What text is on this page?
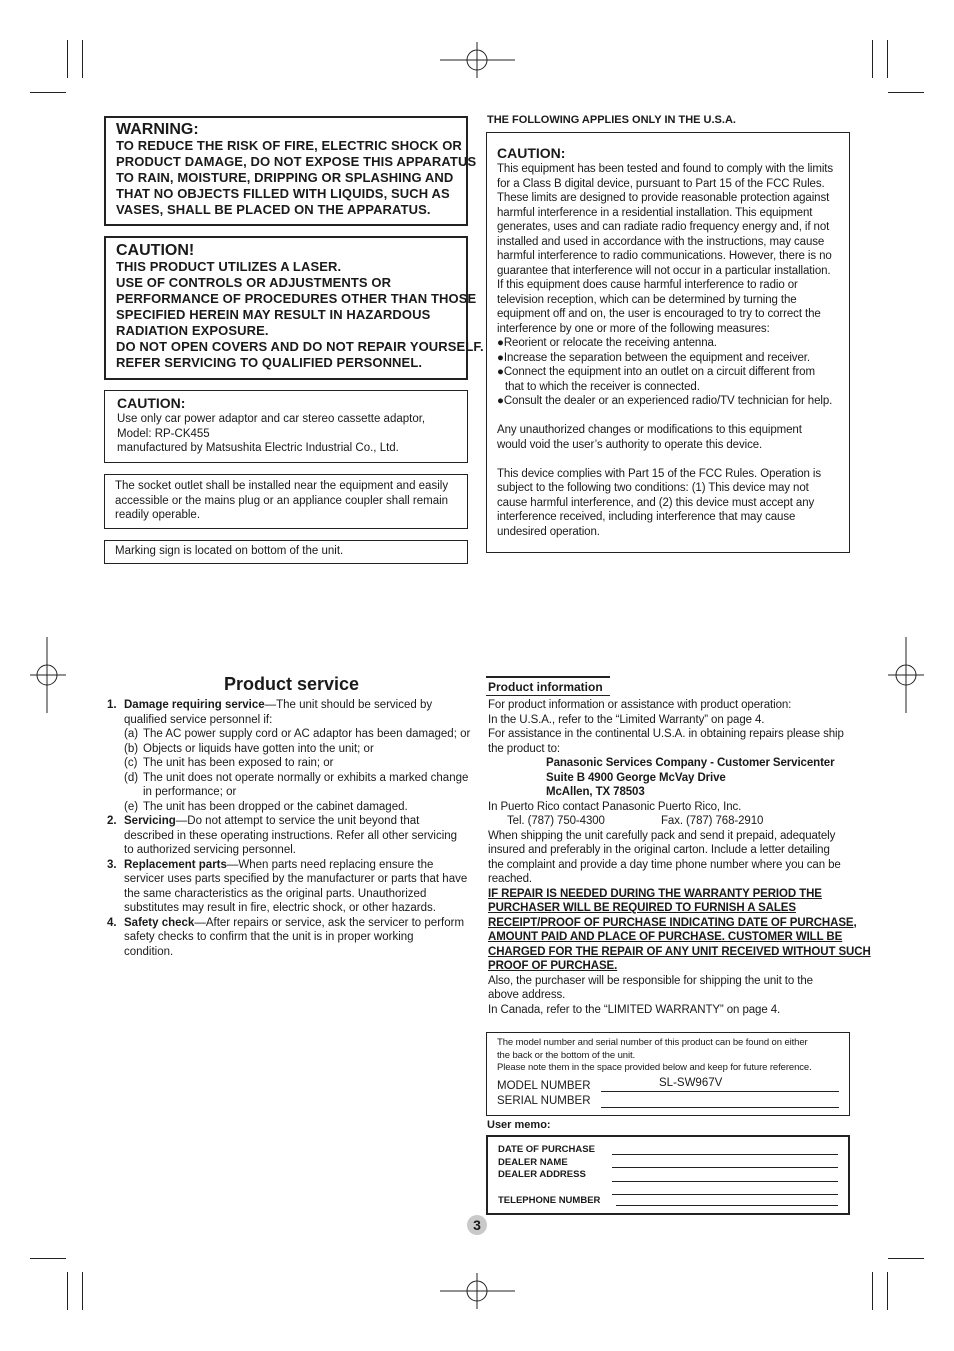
WARNING:
TO REDUCE THE RISK OF FIRE, ELECTRIC SHOCK OR
PRODUCT DAMAGE, DO NOT EXPOSE THIS APPARATUS
TO RAIN, MOISTURE, DRIPPING OR SPLASHING AND
THAT NO OBJECTS FILLED WITH LIQUIDS, SUCH AS
VASES, SHALL BE PLACED ON THE APPARATUS.
CAUTION!
THIS PRODUCT UTILIZES A LASER.
USE OF CONTROLS OR ADJUSTMENTS OR
PERFORMANCE OF PROCEDURES OTHER THAN THOSE
SPECIFIED HEREIN MAY RESULT IN HAZARDOUS
RADIATION EXPOSURE.
DO NOT OPEN COVERS AND DO NOT REPAIR YOURSELF.
REFER SERVICING TO QUALIFIED PERSONNEL.
CAUTION:
Use only car power adaptor and car stereo cassette adaptor,
Model: RP-CK455
manufactured by Matsushita Electric Industrial Co., Ltd.
The socket outlet shall be installed near the equipment and easily
accessible or the mains plug or an appliance coupler shall remain
readily operable.
Marking sign is located on bottom of the unit.
THE FOLLOWING APPLIES ONLY IN THE U.S.A.
CAUTION:
This equipment has been tested and found to comply with the limits
for a Class B digital device, pursuant to Part 15 of the FCC Rules.
These limits are designed to provide reasonable protection against
harmful interference in a residential installation. This equipment
generates, uses and can radiate radio frequency energy and, if not
installed and used in accordance with the instructions, may cause
harmful interference to radio communications. However, there is no
guarantee that interference will not occur in a particular installation.
If this equipment does cause harmful interference to radio or
television reception, which can be determined by turning the
equipment off and on, the user is encouraged to try to correct the
interference by one or more of the following measures:
●Reorient or relocate the receiving antenna.
●Increase the separation between the equipment and receiver.
●Connect the equipment into an outlet on a circuit different from
that to which the receiver is connected.
●Consult the dealer or an experienced radio/TV technician for help.
Any unauthorized changes or modifications to this equipment
would void the user’s authority to operate this device.
This device complies with Part 15 of the FCC Rules. Operation is
subject to the following two conditions: (1) This device may not
cause harmful interference, and (2) this device must accept any
interference received, including interference that may cause
undesired operation.
Product service
1. Damage requiring service—The unit should be serviced by
qualified service personnel if:
(a) The AC power supply cord or AC adaptor has been damaged; or
(b) Objects or liquids have gotten into the unit; or
(c) The unit has been exposed to rain; or
(d) The unit does not operate normally or exhibits a marked change
in performance; or
(e) The unit has been dropped or the cabinet damaged.
2. Servicing—Do not attempt to service the unit beyond that
described in these operating instructions. Refer all other servicing
to authorized servicing personnel.
3. Replacement parts—When parts need replacing ensure the
servicer uses parts specified by the manufacturer or parts that have
the same characteristics as the original parts. Unauthorized
substitutes may result in fire, electric shock, or other hazards.
4. Safety check—After repairs or service, ask the servicer to perform
safety checks to confirm that the unit is in proper working
condition.
Product information
For product information or assistance with product operation:
In the U.S.A., refer to the “Limited Warranty” on page 4.
For assistance in the continental U.S.A. in obtaining repairs please ship
the product to:
Panasonic Services Company - Customer Servicenter
Suite B 4900 George McVay Drive
McAllen, TX 78503
In Puerto Rico contact Panasonic Puerto Rico, Inc.
Tel. (787) 750-4300	Fax. (787) 768-2910
When shipping the unit carefully pack and send it prepaid, adequately
insured and preferably in the original carton. Include a letter detailing
the complaint and provide a day time phone number where you can be
reached.
IF REPAIR IS NEEDED DURING THE WARRANTY PERIOD THE
PURCHASER WILL BE REQUIRED TO FURNISH A SALES
RECEIPT/PROOF OF PURCHASE INDICATING DATE OF PURCHASE,
AMOUNT PAID AND PLACE OF PURCHASE. CUSTOMER WILL BE
CHARGED FOR THE REPAIR OF ANY UNIT RECEIVED WITHOUT SUCH
PROOF OF PURCHASE.
Also, the purchaser will be responsible for shipping the unit to the
above address.
In Canada, refer to the “LIMITED WARRANTY” on page 4.
The model number and serial number of this product can be found on either
the back or the bottom of the unit.
Please note them in the space provided below and keep for future reference.
MODEL NUMBER	SL-SW967V
SERIAL NUMBER
User memo:
DATE OF PURCHASE
DEALER NAME
DEALER ADDRESS
TELEPHONE NUMBER
3
